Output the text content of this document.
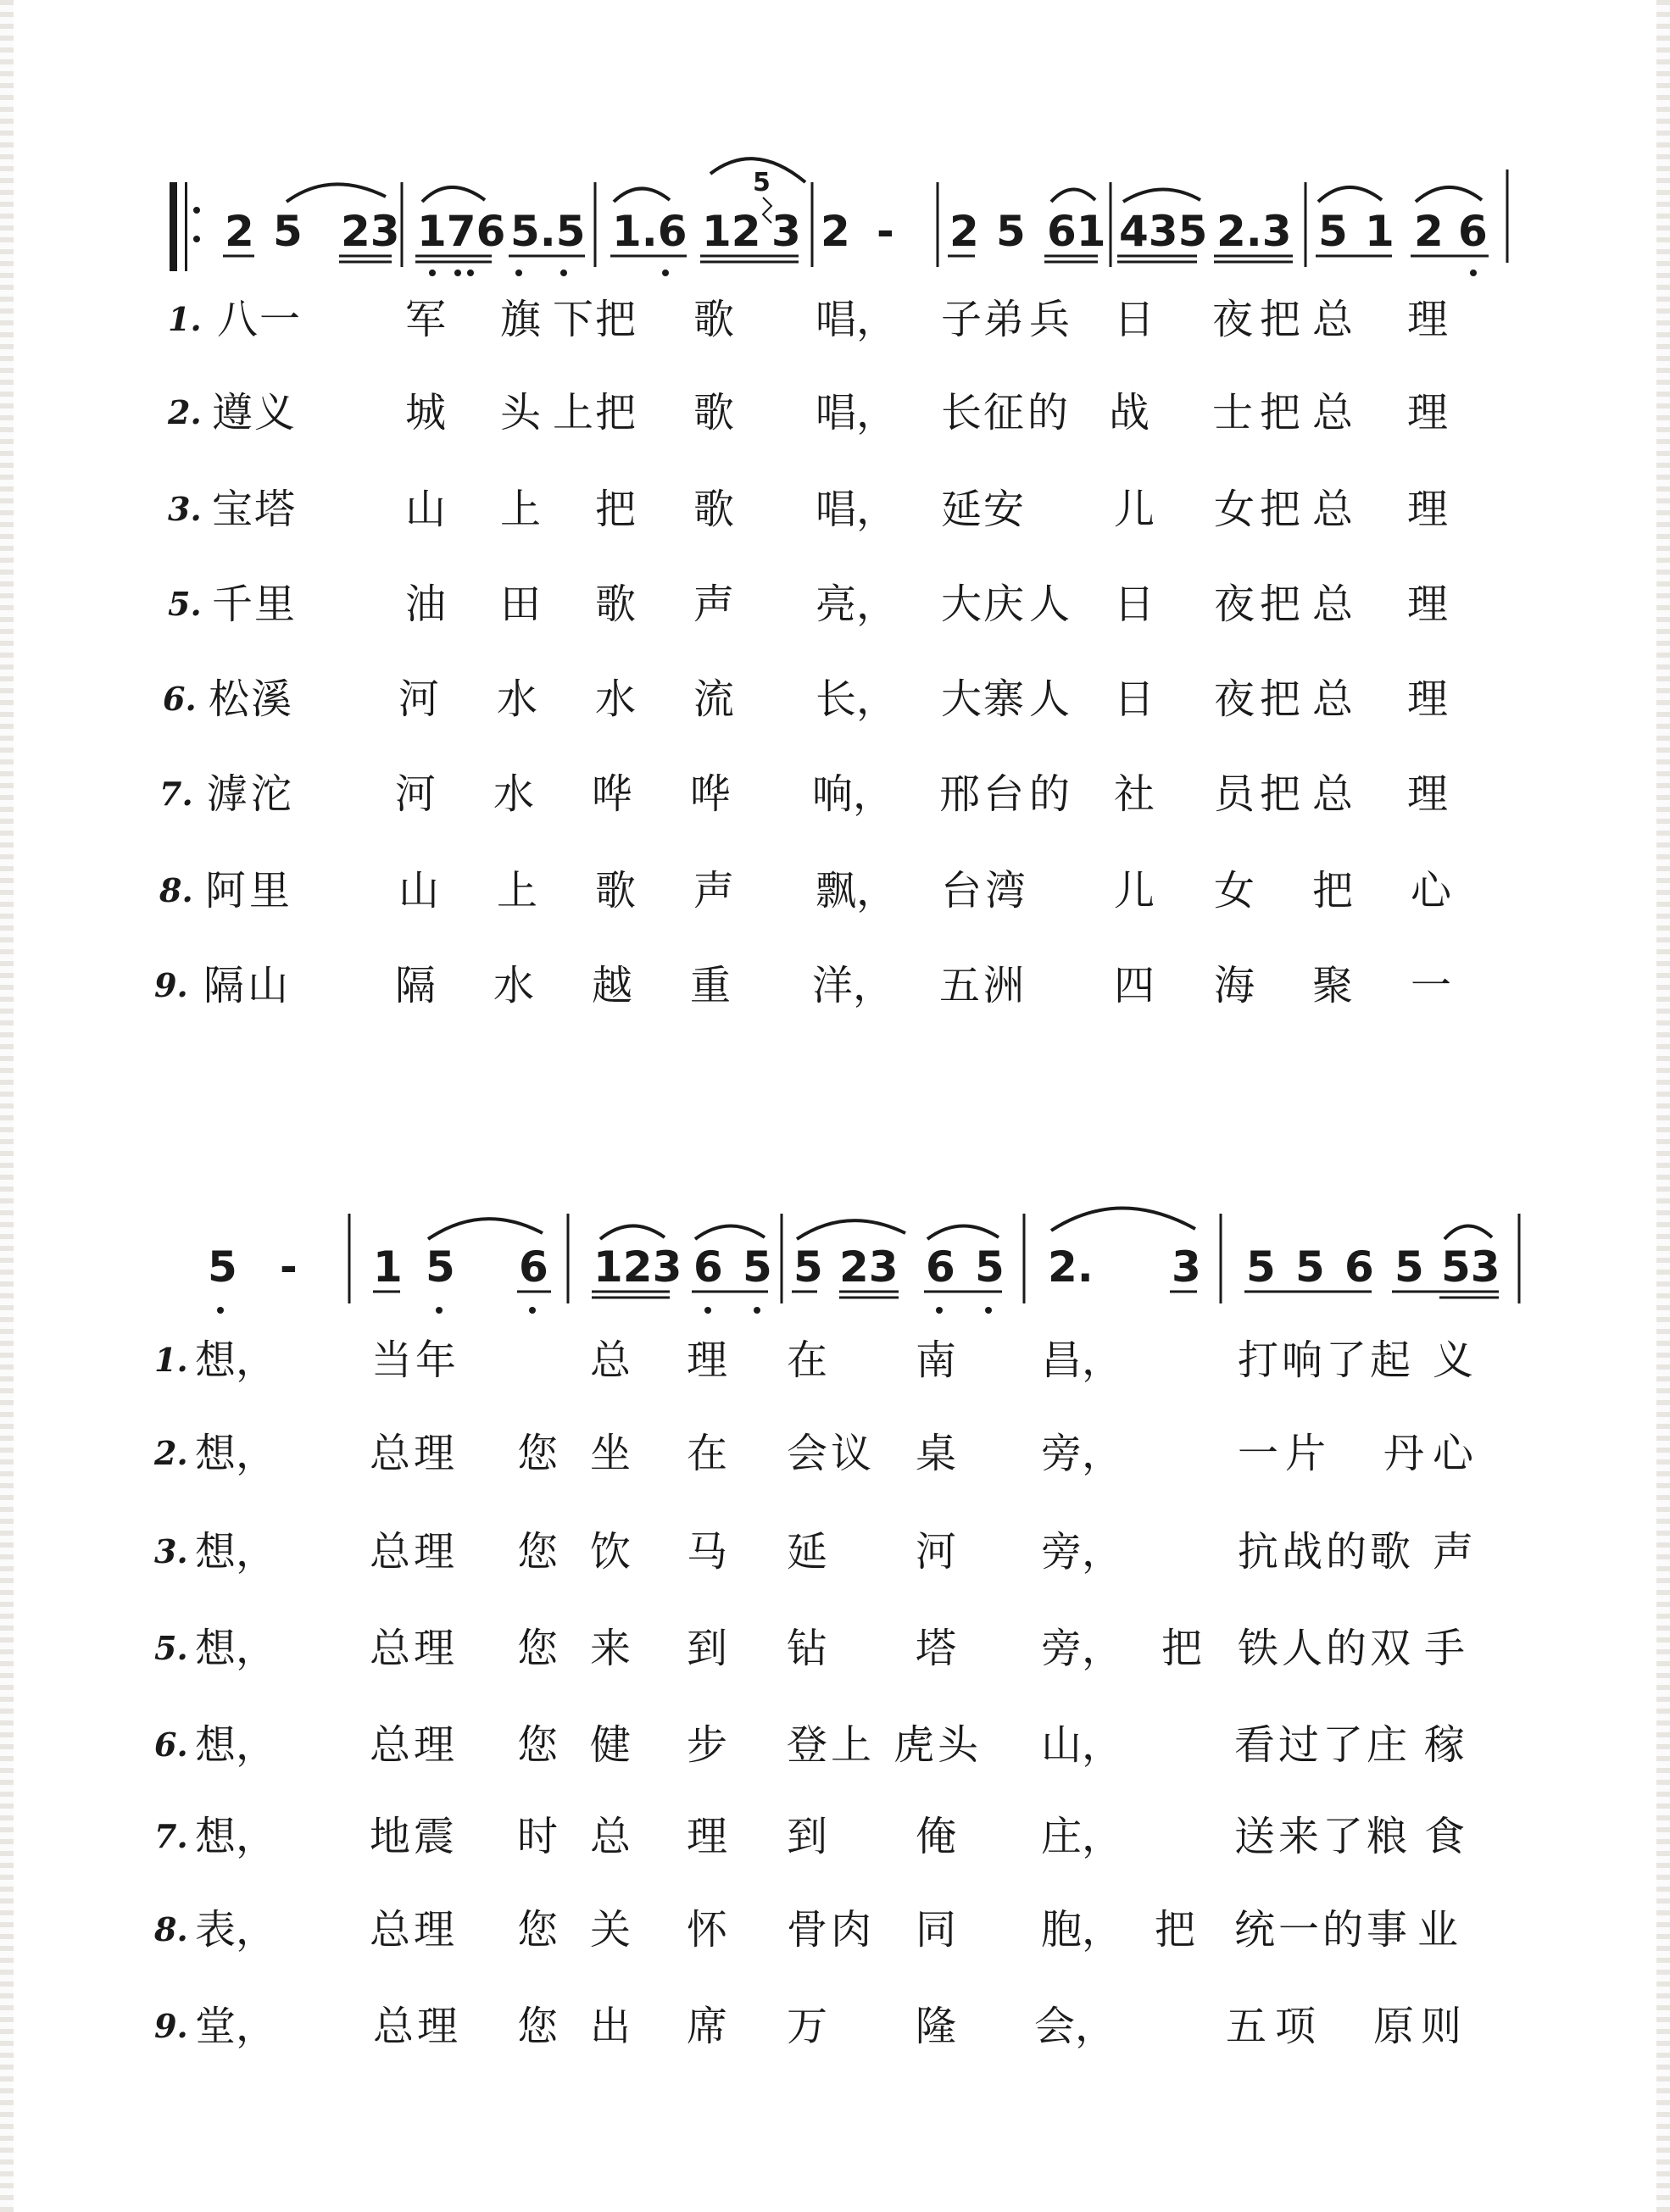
2 5 23 176 5.5 1.6 12
5
3 2 - 2 5 61 435 2.3 5 1 2 6
1. 八 一	军 旗 下 把 歌 唱， 子 弟 兵 日 夜 把 总 理
2. 遵 义	城 头 上 把 歌 唱， 长 征 的 战 士 把 总 理
3. 宝 塔	山 上 把 歌 唱， 延 安 儿 女 把 总 理
5. 千 里	油 田 歌 声 亮， 大 庆 人 日 夜 把 总 理
6. 松 溪	河 水 水 流 长， 大 寨 人 日 夜 把 总 理
7. 滹 沱	河 水 哗 哗 响， 邢 台 的 社 员 把 总 理
8. 阿 里	山 上 歌 声 飘， 台 湾 儿 女 把 心
9. 隔 山	隔 水 越 重 洋， 五 洲 四 海 聚 一
5 - 1 5 6 123 6 5 5 23 6 5 2. 3 5 5 6 5 53
1. 想， 当 年	总 理 在 南 昌，	打 响 了 起 义
2. 想， 总 理 您 坐 在 会 议 桌 旁，	一 片 丹 心
3. 想， 总 理 您 饮 马 延 河 旁，	抗 战 的 歌 声
5. 想， 总 理 您 来 到 钻 塔 旁， 把 铁 人 的 双 手
6. 想， 总 理 您 健 步 登 上 虎 头 山，	看 过 了 庄 稼
7. 想， 地 震 时 总 理 到 俺 庄，	送 来 了 粮 食
8. 表， 总 理 您 关 怀 骨 肉 同 胞， 把 统 一 的 事 业
9. 堂， 总 理 您 出 席 万 隆 会，	五 项 原 则
